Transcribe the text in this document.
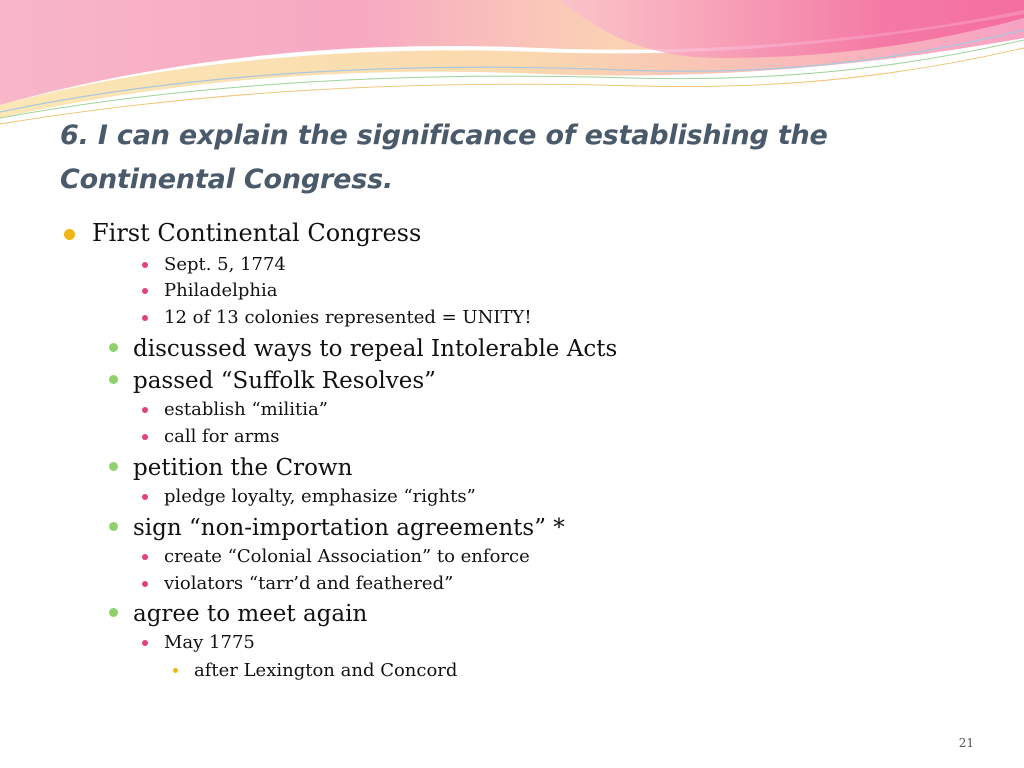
6. I can explain the significance of establishing the Continental Congress.
First Continental Congress
Sept. 5, 1774
Philadelphia
12 of 13 colonies represented = UNITY!
discussed ways to repeal Intolerable Acts
passed “Suffolk Resolves”
establish “militia”
call for arms
petition the Crown
pledge loyalty, emphasize “rights”
sign “non-importation agreements” *
create “Colonial Association” to enforce
violators “tarr’d and feathered”
agree to meet again
May 1775
after Lexington and Concord
21
